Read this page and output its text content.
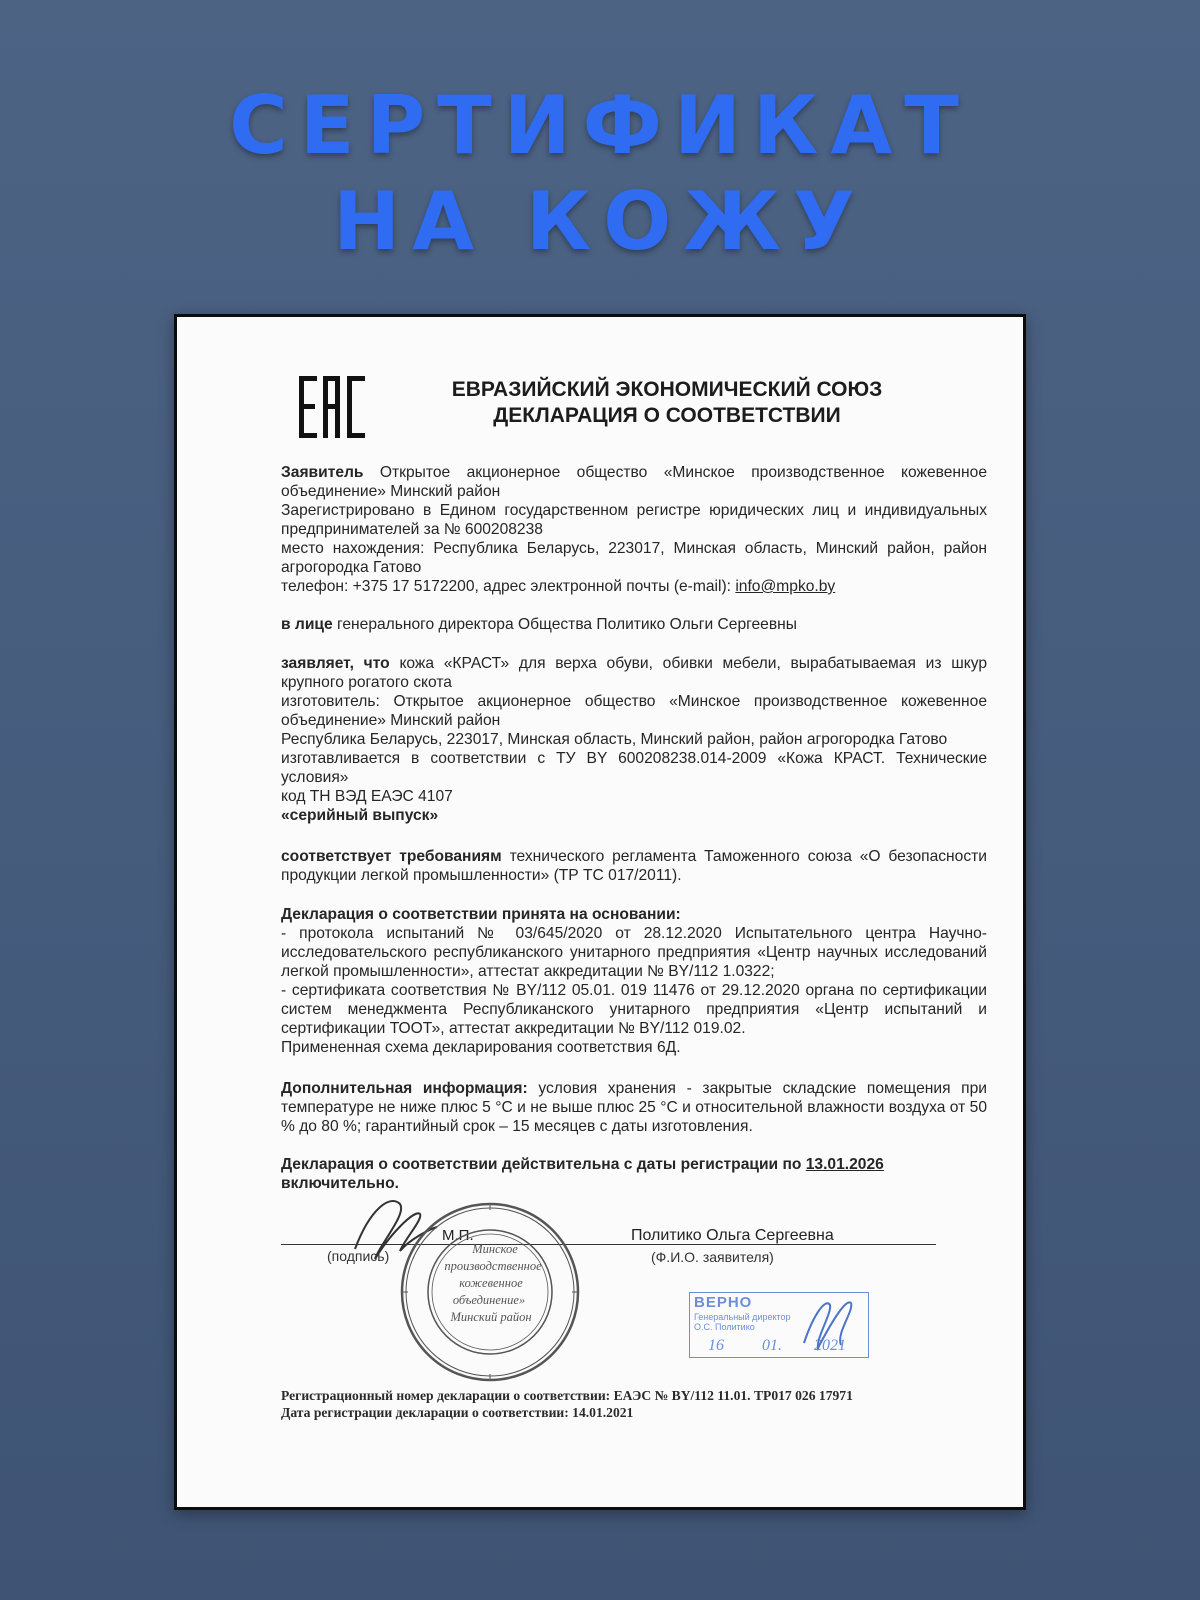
СЕРТИФИКАТ
НА КОЖУ
ЕВРАЗИЙСКИЙ ЭКОНОМИЧЕСКИЙ СОЮЗ
ДЕКЛАРАЦИЯ О СООТВЕТСТВИИ
Заявитель Открытое акционерное общество «Минское производственное кожевенное объединение» Минский район
Зарегистрировано в Едином государственном регистре юридических лиц и индивидуальных предпринимателей за № 600208238
место нахождения: Республика Беларусь, 223017, Минская область, Минский район, район агрогородка Гатово
телефон: +375 17 5172200, адрес электронной почты (e-mail): info@mpko.by
в лице генерального директора Общества Политико Ольги Сергеевны
заявляет, что кожа «КРАСТ» для верха обуви, обивки мебели, вырабатываемая из шкур крупного рогатого скота
изготовитель: Открытое акционерное общество «Минское производственное кожевенное объединение» Минский район
Республика Беларусь, 223017, Минская область, Минский район, район агрогородка Гатово
изготавливается в соответствии с ТУ BY 600208238.014-2009 «Кожа КРАСТ. Технические условия»
код ТН ВЭД ЕАЭС 4107
«серийный выпуск»
соответствует требованиям технического регламента Таможенного союза «О безопасности продукции легкой промышленности» (ТР ТС 017/2011).
Декларация о соответствии принята на основании:
- протокола испытаний № 03/645/2020 от 28.12.2020 Испытательного центра Научно-исследовательского республиканского унитарного предприятия «Центр научных исследований легкой промышленности», аттестат аккредитации № BY/112 1.0322;
- сертификата соответствия № BY/112 05.01. 019 11476 от 29.12.2020 органа по сертификации систем менеджмента Республиканского унитарного предприятия «Центр испытаний и сертификации ТООТ», аттестат аккредитации № BY/112 019.02.
Примененная схема декларирования соответствия 6Д.
Дополнительная информация: условия хранения - закрытые складские помещения при температуре не ниже плюс 5 °С и не выше плюс 25 °С и относительной влажности воздуха от 50 % до 80 %; гарантийный срок – 15 месяцев с даты изготовления.
Декларация о соответствии действительна с даты регистрации по 13.01.2026
включительно.
(подпись)
М.П.	Политико Ольга Сергеевна
(Ф.И.О. заявителя)
Минское
производственное
кожевенное
объединение»
Минский район
ВЕРНО
Генеральный директор
О.С. Политико
16 01. 2021
Регистрационный номер декларации о соответствии: ЕАЭС № BY/112 11.01. ТР017 026 17971
Дата регистрации декларации о соответствии: 14.01.2021
